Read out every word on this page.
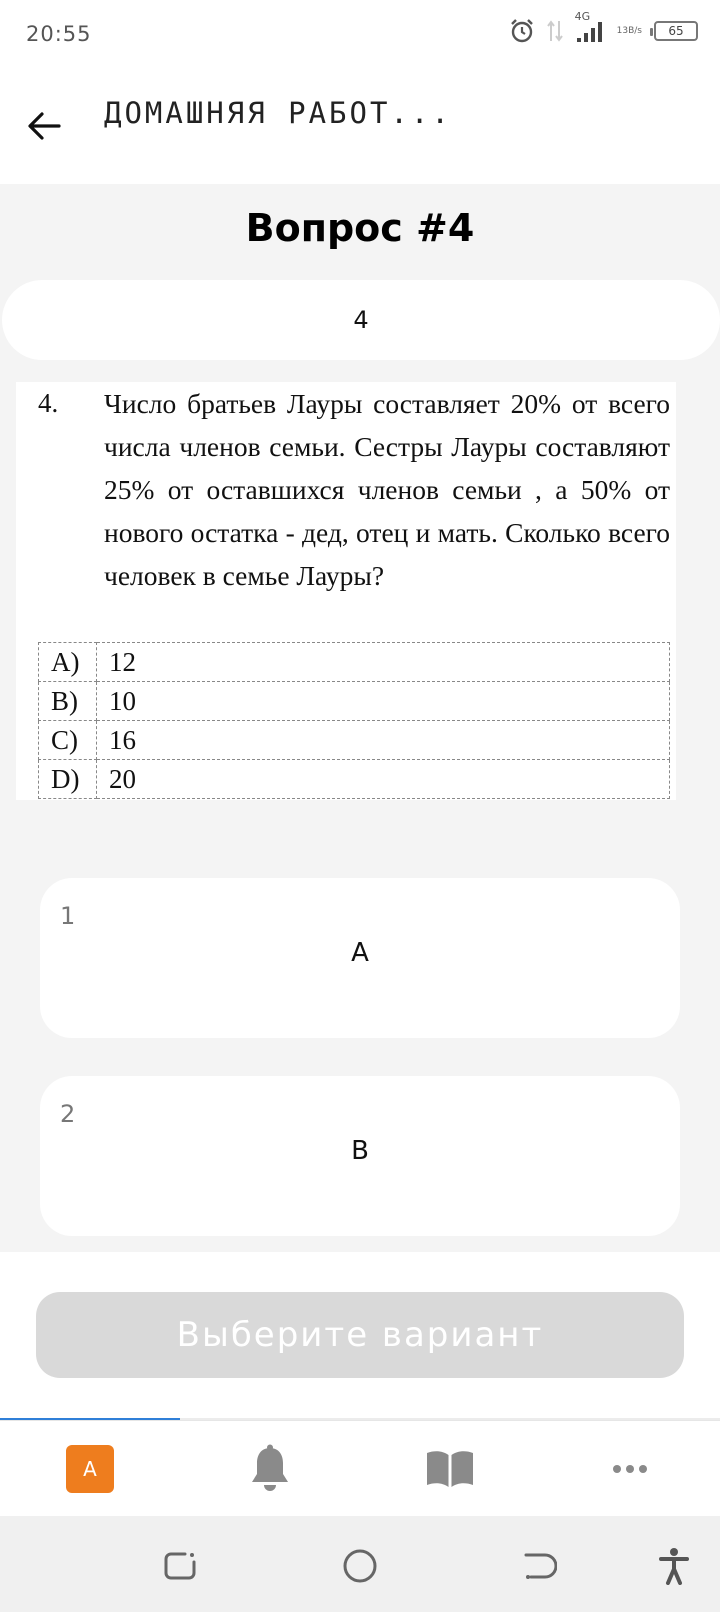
20:55
4G
13 B/s 65
ДОМАШНЯЯ РАБОТ...
Вопрос #4
4
4. Число братьев Лауры составляет 20% от всего числа членов семьи. Сестры Лауры составляют 25% от оставшихся членов семьи , а 50% от нового остатка - дед, отец и мать. Сколько всего человек в семье Лауры?
A)	12
B)	10
C)	16
D)	20
1
A
2
B
Выберите вариант
A
